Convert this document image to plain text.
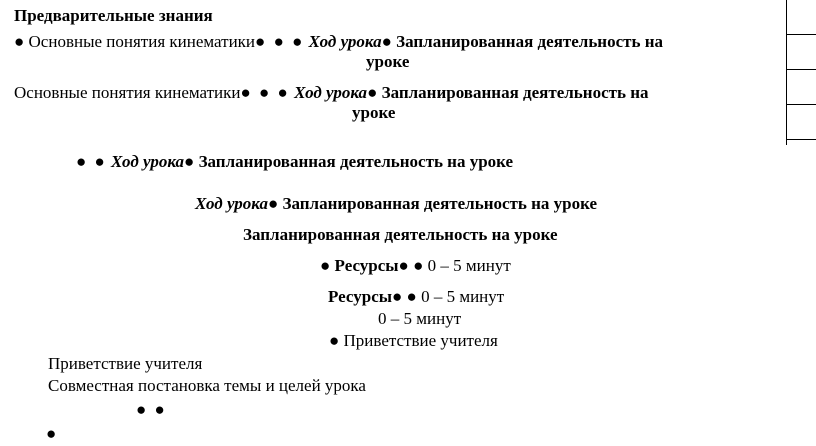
Предварительные знания
● Основные понятия кинематики● ● ● Ход урока● Запланированная деятельность на
уроке
Основные понятия кинематики● ● ● Ход урока● Запланированная деятельность на
уроке
● ● Ход урока● Запланированная деятельность на уроке
Ход урока● Запланированная деятельность на уроке
Запланированная деятельность на уроке
● Ресурсы● ● 0 – 5 минут
Ресурсы● ● 0 – 5 минут
0 – 5 минут
● Приветствие учителя
Приветствие учителя
Совместная постановка темы и целей урока
● ●
●
